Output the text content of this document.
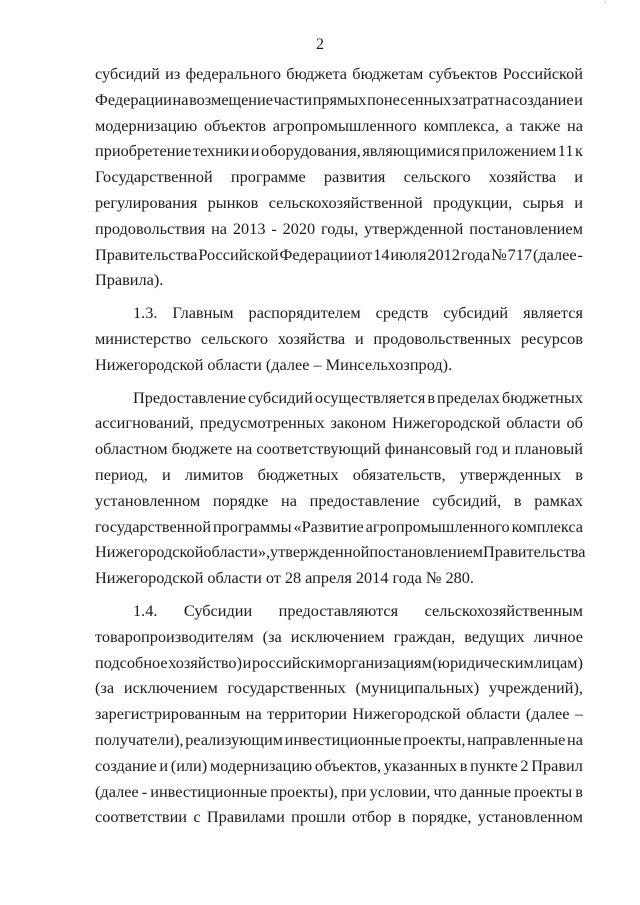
'''
2

субсидий из федерального бюджета бюджетам субъектов Российской
Федерации на возмещение части прямых понесенных затрат на создание и
модернизацию объектов агропромышленного комплекса, а также на
приобретение техники и оборудования, являющимися приложением 11 к
Государственной программе развития сельского хозяйства и
регулирования рынков сельскохозяйственной продукции, сырья и
продовольствия на 2013 - 2020 годы, утвержденной постановлением
Правительства Российской Федерации от 14 июля 2012 года № 717 (далее -
Правила).

1.3. Главным распорядителем средств субсидий является
министерство сельского хозяйства и продовольственных ресурсов
Нижегородской области (далее – Минсельхозпрод).

Предоставление субсидий осуществляется в пределах бюджетных
ассигнований, предусмотренных законом Нижегородской области об
областном бюджете на соответствующий финансовый год и плановый
период, и лимитов бюджетных обязательств, утвержденных в
установленном порядке на предоставление субсидий, в рамках
государственной программы «Развитие агропромышленного комплекса
Нижегородской области», утвержденной постановлением Правительства
Нижегородской области от 28 апреля 2014 года № 280.

1.4. Субсидии предоставляются сельскохозяйственным
товаропроизводителям (за исключением граждан, ведущих личное
подсобное хозяйство) и российским организациям (юридическим лицам)
(за исключением государственных (муниципальных) учреждений),
зарегистрированным на территории Нижегородской области (далее –
получатели), реализующим инвестиционные проекты, направленные на
создание и (или) модернизацию объектов, указанных в пункте 2 Правил
(далее - инвестиционные проекты), при условии, что данные проекты в
соответствии с Правилами прошли отбор в порядке, установленном
